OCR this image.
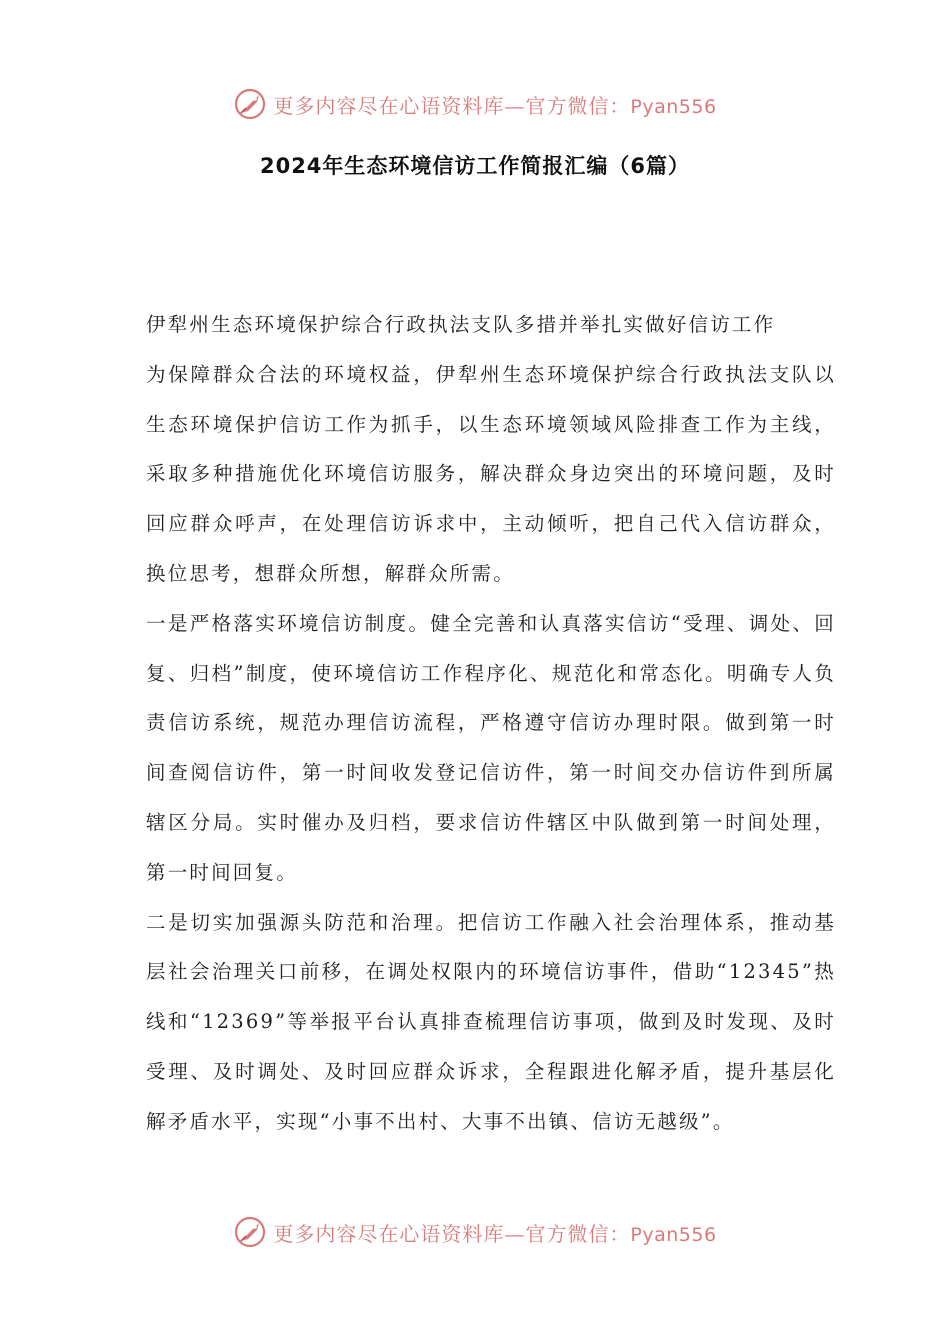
更多内容尽在心语资料库—官方微信：Pyan556
2024年生态环境信访工作简报汇编（6篇）

伊犁州生态环境保护综合行政执法支队多措并举扎实做好信访工作

为保障群众合法的环境权益，伊犁州生态环境保护综合行政执法支队以生态环境保护信访工作为抓手，以生态环境领域风险排查工作为主线，采取多种措施优化环境信访服务，解决群众身边突出的环境问题，及时回应群众呼声，在处理信访诉求中，主动倾听，把自己代入信访群众，换位思考，想群众所想，解群众所需。

一是严格落实环境信访制度。健全完善和认真落实信访“受理、调处、回复、归档”制度，使环境信访工作程序化、规范化和常态化。明确专人负责信访系统，规范办理信访流程，严格遵守信访办理时限。做到第一时间查阅信访件，第一时间收发登记信访件，第一时间交办信访件到所属辖区分局。实时催办及归档，要求信访件辖区中队做到第一时间处理，第一时间回复。

二是切实加强源头防范和治理。把信访工作融入社会治理体系，推动基层社会治理关口前移，在调处权限内的环境信访事件，借助“12345”热线和“12369”等举报平台认真排查梳理信访事项，做到及时发现、及时受理、及时调处、及时回应群众诉求，全程跟进化解矛盾，提升基层化解矛盾水平，实现“小事不出村、大事不出镇、信访无越级”。

更多内容尽在心语资料库—官方微信：Pyan556
